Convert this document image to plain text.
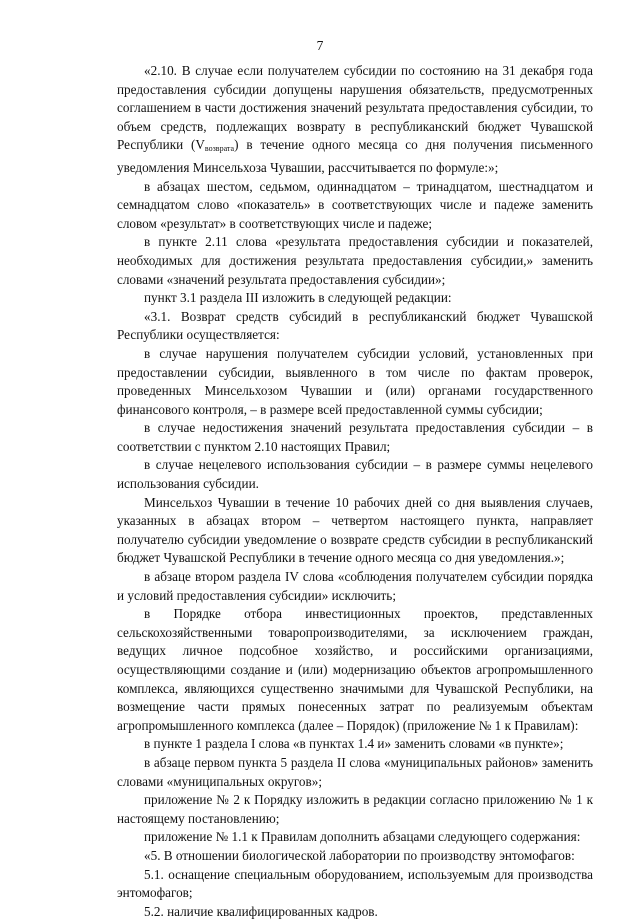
7

«2.10. В случае если получателем субсидии по состоянию на 31 декабря года предоставления субсидии допущены нарушения обязательств, предусмотренных соглашением в части достижения значений результата предоставления субсидии, то объем средств, подлежащих возврату в республиканский бюджет Чувашской Республики $(V_{возврата})$ в течение одного месяца со дня получения письменного уведомления Минсельхоза Чувашии, рассчитывается по формуле:»;

в абзацах шестом, седьмом, одиннадцатом – тринадцатом, шестнадцатом и семнадцатом слово «показатель» в соответствующих числе и падеже заменить словом «результат» в соответствующих числе и падеже;

в пункте 2.11 слова «результата предоставления субсидии и показателей, необходимых для достижения результата предоставления субсидии,» заменить словами «значений результата предоставления субсидии»;

пункт 3.1 раздела III изложить в следующей редакции:

«3.1. Возврат средств субсидий в республиканский бюджет Чувашской Республики осуществляется:

в случае нарушения получателем субсидии условий, установленных при предоставлении субсидии, выявленного в том числе по фактам проверок, проведенных Минсельхозом Чувашии и (или) органами государственного финансового контроля, – в размере всей предоставленной суммы субсидии;

в случае недостижения значений результата предоставления субсидии – в соответствии с пунктом 2.10 настоящих Правил;

в случае нецелевого использования субсидии – в размере суммы нецелевого использования субсидии.

Минсельхоз Чувашии в течение 10 рабочих дней со дня выявления случаев, указанных в абзацах втором – четвертом настоящего пункта, направляет получателю субсидии уведомление о возврате средств субсидии в республиканский бюджет Чувашской Республики в течение одного месяца со дня уведомления.»;

в абзаце втором раздела IV слова «соблюдения получателем субсидии порядка и условий предоставления субсидии» исключить;

в Порядке отбора инвестиционных проектов, представленных сельскохозяйственными товаропроизводителями, за исключением граждан, ведущих личное подсобное хозяйство, и российскими организациями, осуществляющими создание и (или) модернизацию объектов агропромышленного комплекса, являющихся существенно значимыми для Чувашской Республики, на возмещение части прямых понесенных затрат по реализуемым объектам агропромышленного комплекса (далее – Порядок) (приложение № 1 к Правилам):

в пункте 1 раздела I слова «в пунктах 1.4 и» заменить словами «в пункте»;

в абзаце первом пункта 5 раздела II слова «муниципальных районов» заменить словами «муниципальных округов»;

приложение № 2 к Порядку изложить в редакции согласно приложению № 1 к настоящему постановлению;

приложение № 1.1 к Правилам дополнить абзацами следующего содержания:

«5. В отношении биологической лаборатории по производству энтомофагов:

5.1. оснащение специальным оборудованием, используемым для производства энтомофагов;

5.2. наличие квалифицированных кадров.
